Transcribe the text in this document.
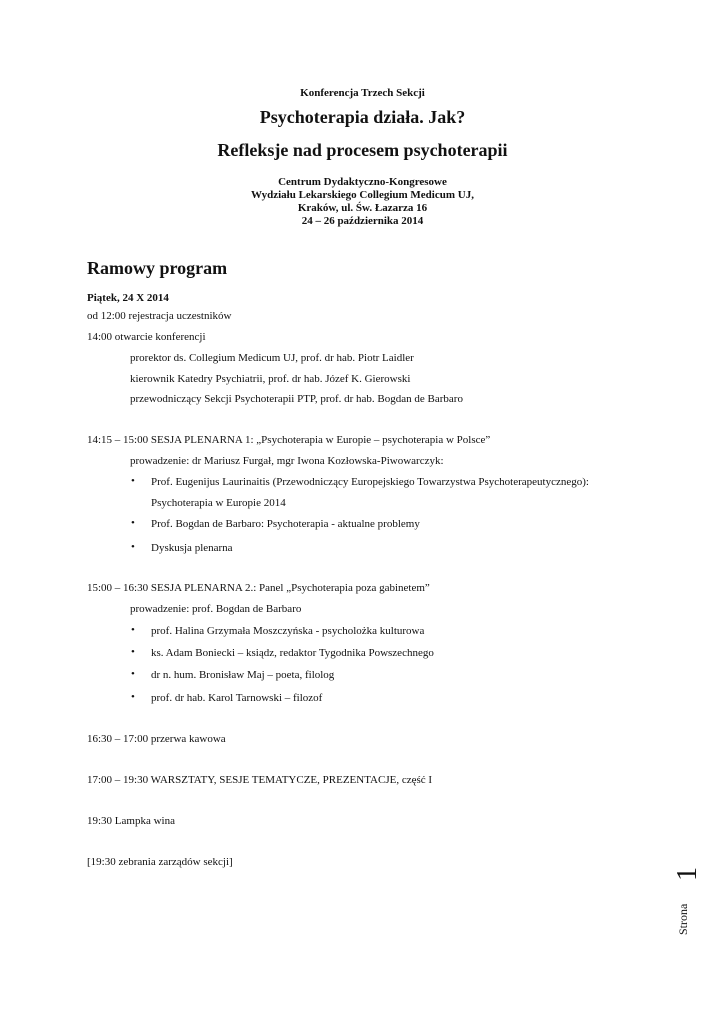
Konferencja Trzech Sekcji
Psychoterapia działa. Jak?
Refleksje nad procesem psychoterapii
Centrum Dydaktyczno-Kongresowe
Wydziału Lekarskiego Collegium Medicum UJ,
Kraków, ul. Św. Łazarza 16
24 – 26 października 2014
Ramowy program
Piątek, 24 X 2014
od 12:00 rejestracja uczestników
14:00 otwarcie konferencji
prorektor ds. Collegium Medicum UJ, prof. dr hab. Piotr Laidler
kierownik Katedry Psychiatrii, prof. dr hab. Józef K. Gierowski
przewodniczący Sekcji Psychoterapii PTP, prof. dr hab. Bogdan de Barbaro
14:15 – 15:00 SESJA PLENARNA 1: „Psychoterapia w Europie – psychoterapia w Polsce”
prowadzenie: dr Mariusz Furgał, mgr Iwona Kozłowska-Piwowarczyk:
• Prof. Eugenijus Laurinaitis (Przewodniczący Europejskiego Towarzystwa Psychoterapeutycznego):
Psychoterapia w Europie 2014
• Prof. Bogdan de Barbaro: Psychoterapia - aktualne problemy
• Dyskusja plenarna
15:00 – 16:30 SESJA PLENARNA 2.: Panel „Psychoterapia poza gabinetem”
prowadzenie: prof. Bogdan de Barbaro
• prof. Halina Grzymała Moszczyńska - psycholożka kulturowa
• ks. Adam Boniecki – ksiądz, redaktor Tygodnika Powszechnego
• dr n. hum. Bronisław Maj – poeta, filolog
• prof. dr hab. Karol Tarnowski – filozof
16:30 – 17:00 przerwa kawowa
17:00 – 19:30 WARSZTATY, SESJE TEMATYCZE, PREZENTACJE, część I
19:30 Lampka wina
[19:30 zebrania zarządów sekcji]
Strona
1
